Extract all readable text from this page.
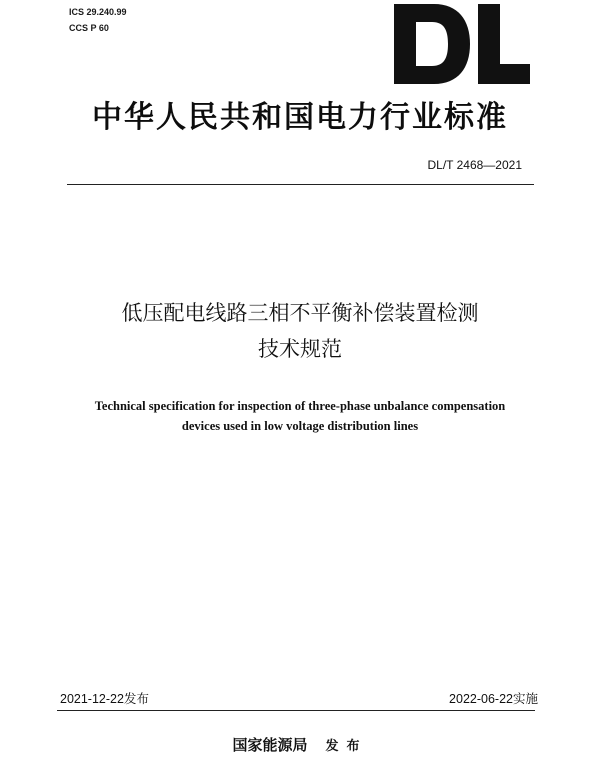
ICS 29.240.99
CCS P 60
中华人民共和国电力行业标准
DL/T 2468—2021
低压配电线路三相不平衡补偿装置检测
技术规范
Technical specification for inspection of three-phase unbalance compensation
devices used in low voltage distribution lines
2021-12-22发布	2022-06-22实施
国家能源局 发布
